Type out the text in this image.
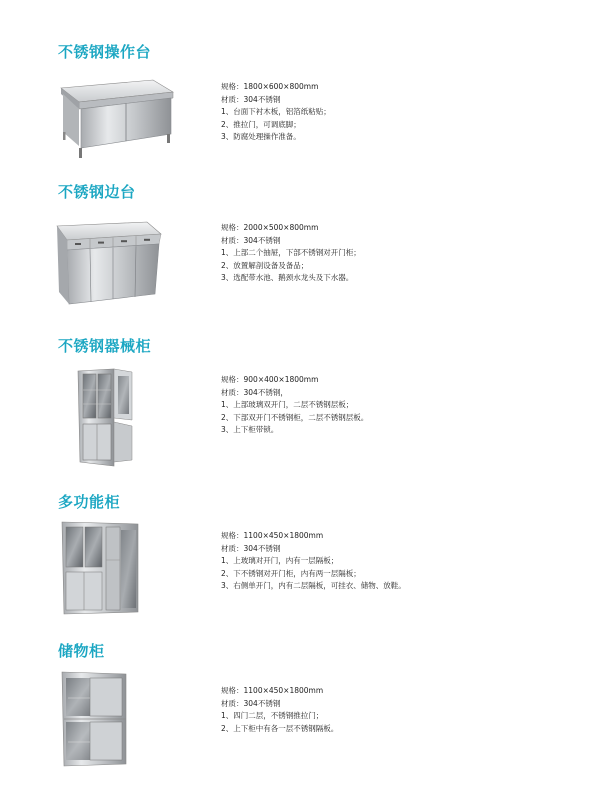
不锈钢操作台
规格：1800×600×800mm
材质：304不锈钢
1、台面下衬木板，铝箔纸粘贴；
2、推拉门，可调底脚；
3、防腐处理操作准备。
不锈钢边台
规格：2000×500×800mm
材质：304不锈钢
1、上部二个抽屉，下部不锈钢对开门柜；
2、放置解剖设备及备品；
3、选配带水池、鹅颈水龙头及下水器。
不锈钢器械柜
规格：900×400×1800mm
材质：304不锈钢，
1、上部玻璃双开门，二层不锈钢层板；
2、下部双开门不锈钢柜，二层不锈钢层板。
3、上下柜带锁。
多功能柜
规格：1100×450×1800mm
材质：304不锈钢
1、上玻璃对开门，内有一层隔板；
2、下不锈钢对开门柜，内有两一层隔板；
3、右侧单开门，内有二层隔板，可挂衣、储物、放鞋。
储物柜
规格：1100×450×1800mm
材质：304不锈钢
1、四门二层，不锈钢推拉门；
2、上下柜中有各一层不锈钢隔板。
